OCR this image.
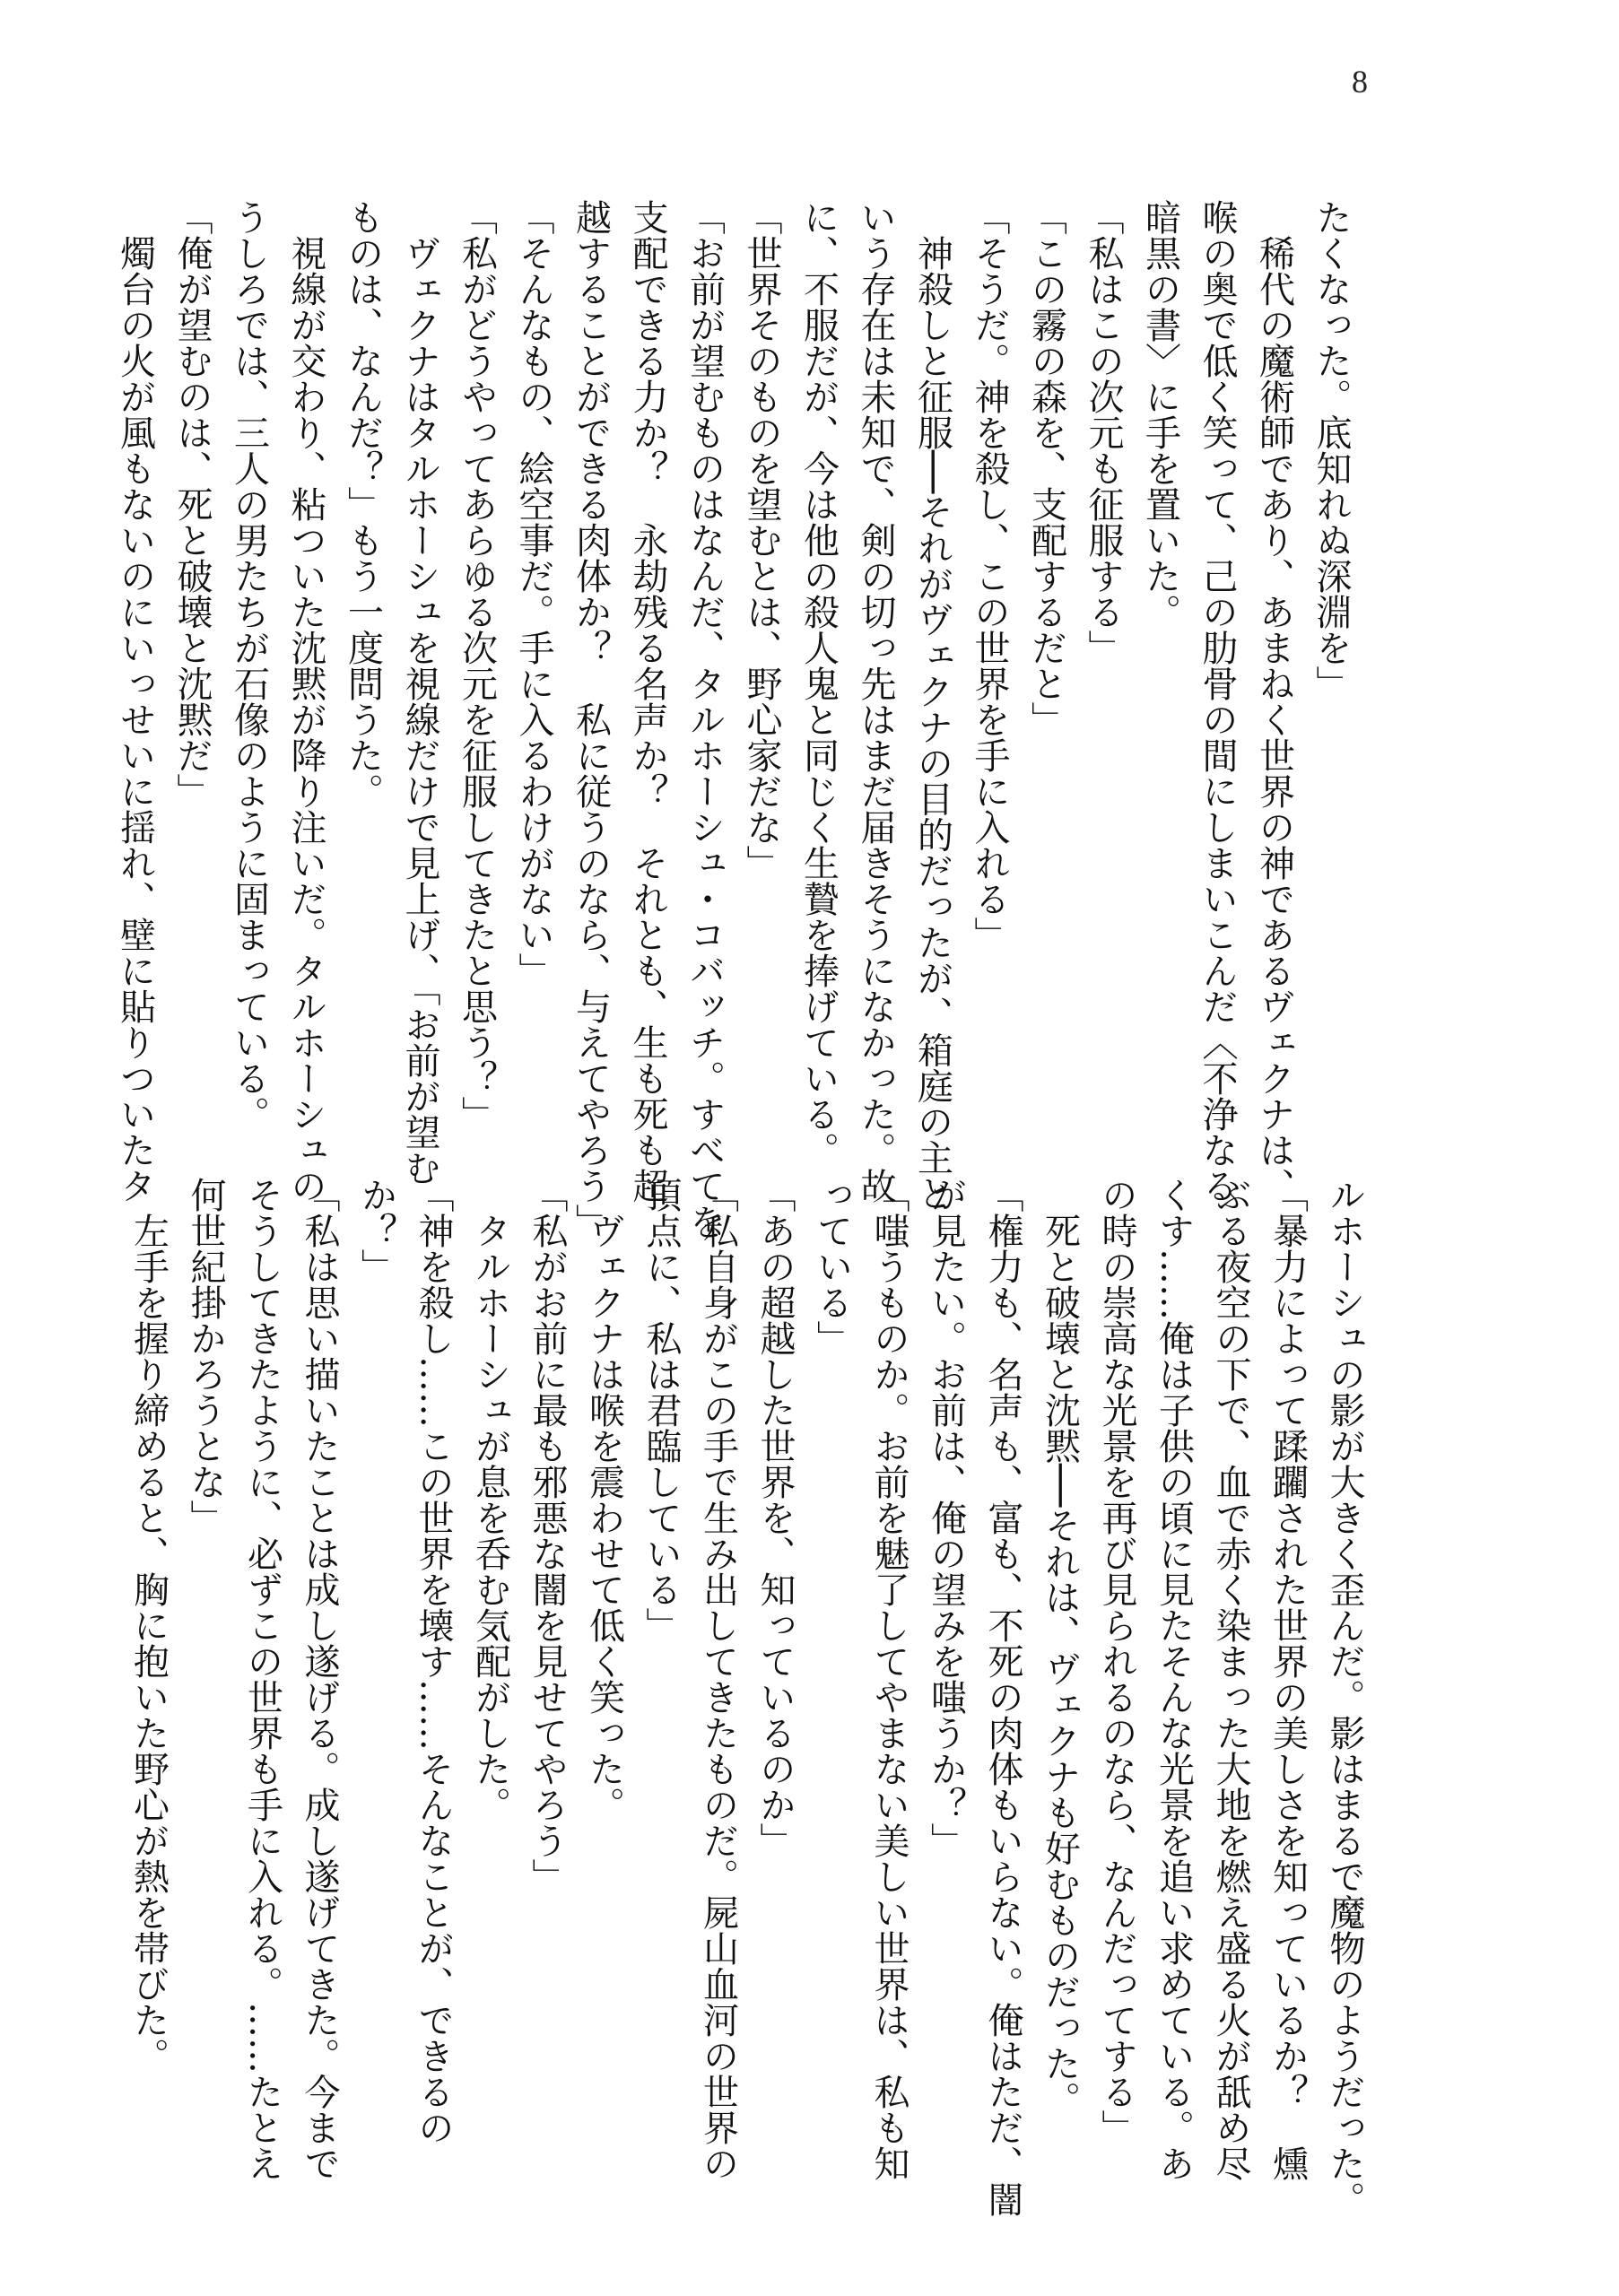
8
たくなった。底知れぬ深淵を」
　稀代の魔術師であり、あまねく世界の神であるヴェクナは、
喉の奥で低く笑って、己の肋骨の間にしまいこんだ〈不浄なる
暗黒の書〉に手を置いた。
「私はこの次元も征服する」
「この霧の森を、支配するだと」
「そうだ。神を殺し、この世界を手に入れる」
　神殺しと征服──それがヴェクナの目的だったが、箱庭の主と
いう存在は未知で、剣の切っ先はまだ届きそうになかった。故
に、不服だが、今は他の殺人鬼と同じく生贄を捧げている。
「世界そのものを望むとは、野心家だな」
「お前が望むものはなんだ、タルホーシュ・コバッチ。すべてを
支配できる力か？　永劫残る名声か？　それとも、生も死も超
越することができる肉体か？　私に従うのなら、与えてやろう」
「そんなもの、絵空事だ。手に入るわけがない」
「私がどうやってあらゆる次元を征服してきたと思う？」
　ヴェクナはタルホーシュを視線だけで見上げ、「お前が望む
ものは、なんだ？」もう一度問うた。
　視線が交わり、粘ついた沈黙が降り注いだ。タルホーシュの
うしろでは、三人の男たちが石像のように固まっている。
「俺が望むのは、死と破壊と沈黙だ」
　燭台の火が風もないのにいっせいに揺れ、壁に貼りついたタ
ルホーシュの影が大きく歪んだ。影はまるで魔物のようだった。
「暴力によって蹂躙された世界の美しさを知っているか？　燻
ぶる夜空の下で、血で赤く染まった大地を燃え盛る火が舐め尽
くす……俺は子供の頃に見たそんな光景を追い求めている。あ
の時の崇高な光景を再び見られるのなら、なんだってする」
　死と破壊と沈黙──それは、ヴェクナも好むものだった。
「権力も、名声も、富も、不死の肉体もいらない。俺はただ、闇
が見たい。お前は、俺の望みを嗤うか？」
「嗤うものか。お前を魅了してやまない美しい世界は、私も知
っている」
「あの超越した世界を、知っているのか」
「私自身がこの手で生み出してきたものだ。屍山血河の世界の
頂点に、私は君臨している」
　ヴェクナは喉を震わせて低く笑った。
「私がお前に最も邪悪な闇を見せてやろう」
　タルホーシュが息を呑む気配がした。
「神を殺し……この世界を壊す……そんなことが、できるの
か？」
「私は思い描いたことは成し遂げる。成し遂げてきた。今まで
そうしてきたように、必ずこの世界も手に入れる。……たとえ
何世紀掛かろうとな」
　左手を握り締めると、胸に抱いた野心が熱を帯びた。
